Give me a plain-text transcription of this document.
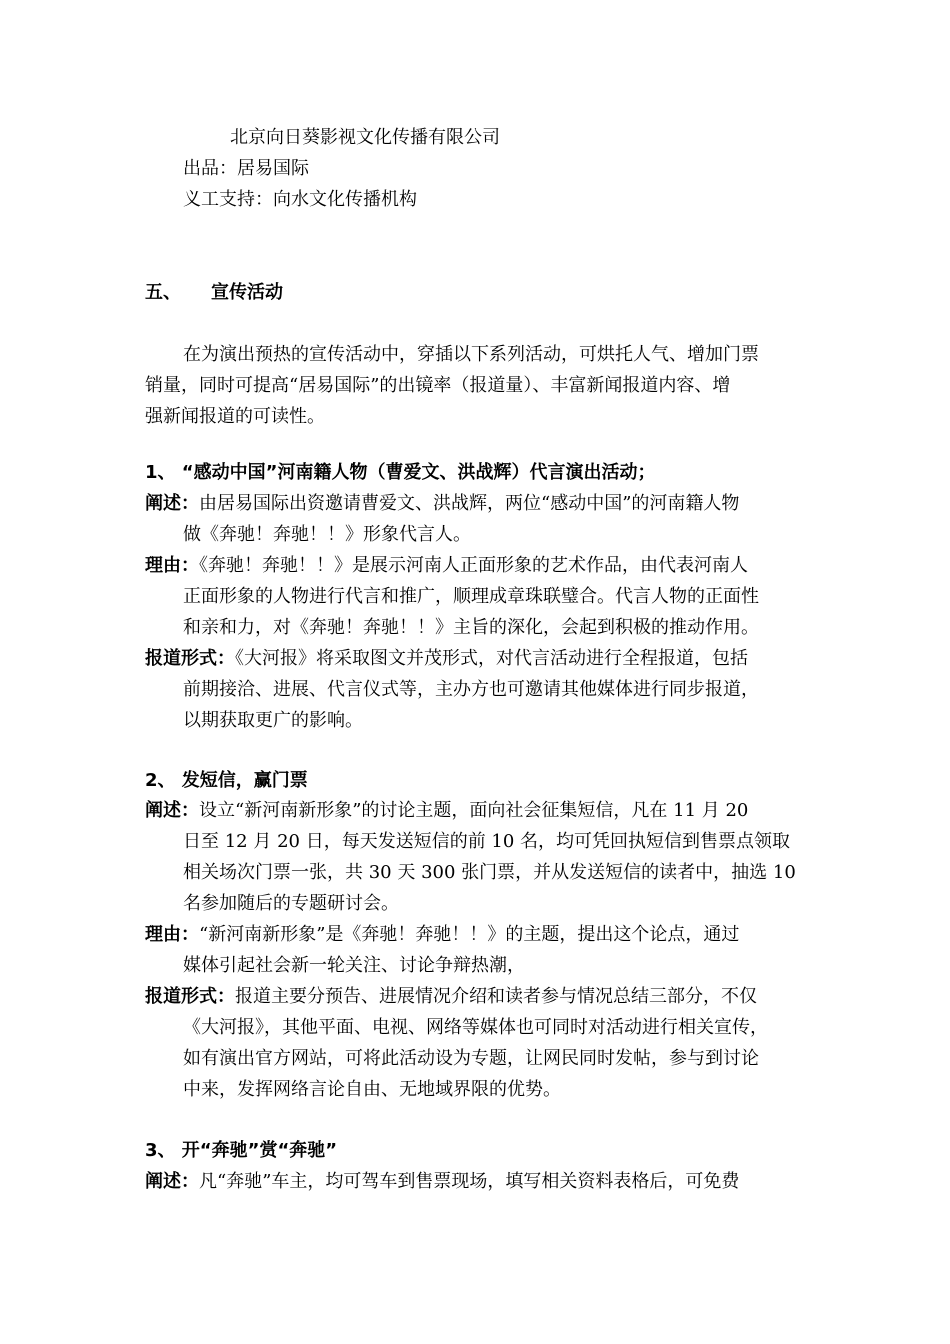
北京向日葵影视文化传播有限公司
出品：居易国际
义工支持：向水文化传播机构
五、 宣传活动
在为演出预热的宣传活动中，穿插以下系列活动，可烘托人气、增加门票
销量，同时可提高“居易国际”的出镜率（报道量）、丰富新闻报道内容、增
强新闻报道的可读性。
1、 “感动中国”河南籍人物（曹爱文、洪战辉）代言演出活动；
阐述：由居易国际出资邀请曹爱文、洪战辉，两位“感动中国”的河南籍人物
做《奔驰！奔驰！！》形象代言人。
理由：《奔驰！奔驰！！》是展示河南人正面形象的艺术作品，由代表河南人
正面形象的人物进行代言和推广，顺理成章珠联璧合。代言人物的正面性
和亲和力，对《奔驰！奔驰！！》主旨的深化，会起到积极的推动作用。
报道形式：《大河报》将采取图文并茂形式，对代言活动进行全程报道，包括
前期接洽、进展、代言仪式等，主办方也可邀请其他媒体进行同步报道，
以期获取更广的影响。
2、 发短信，赢门票
阐述：设立“新河南新形象”的讨论主题，面向社会征集短信，凡在 11 月 20
日至 12 月 20 日，每天发送短信的前 10 名，均可凭回执短信到售票点领取
相关场次门票一张，共 30 天 300 张门票，并从发送短信的读者中，抽选 10
名参加随后的专题研讨会。
理由：“新河南新形象”是《奔驰！奔驰！！》的主题，提出这个论点，通过
媒体引起社会新一轮关注、讨论争辩热潮，
报道形式：报道主要分预告、进展情况介绍和读者参与情况总结三部分，不仅
《大河报》，其他平面、电视、网络等媒体也可同时对活动进行相关宣传，
如有演出官方网站，可将此活动设为专题，让网民同时发帖，参与到讨论
中来，发挥网络言论自由、无地域界限的优势。
3、 开“奔驰”赏“奔驰”
阐述：凡“奔驰”车主，均可驾车到售票现场，填写相关资料表格后，可免费
